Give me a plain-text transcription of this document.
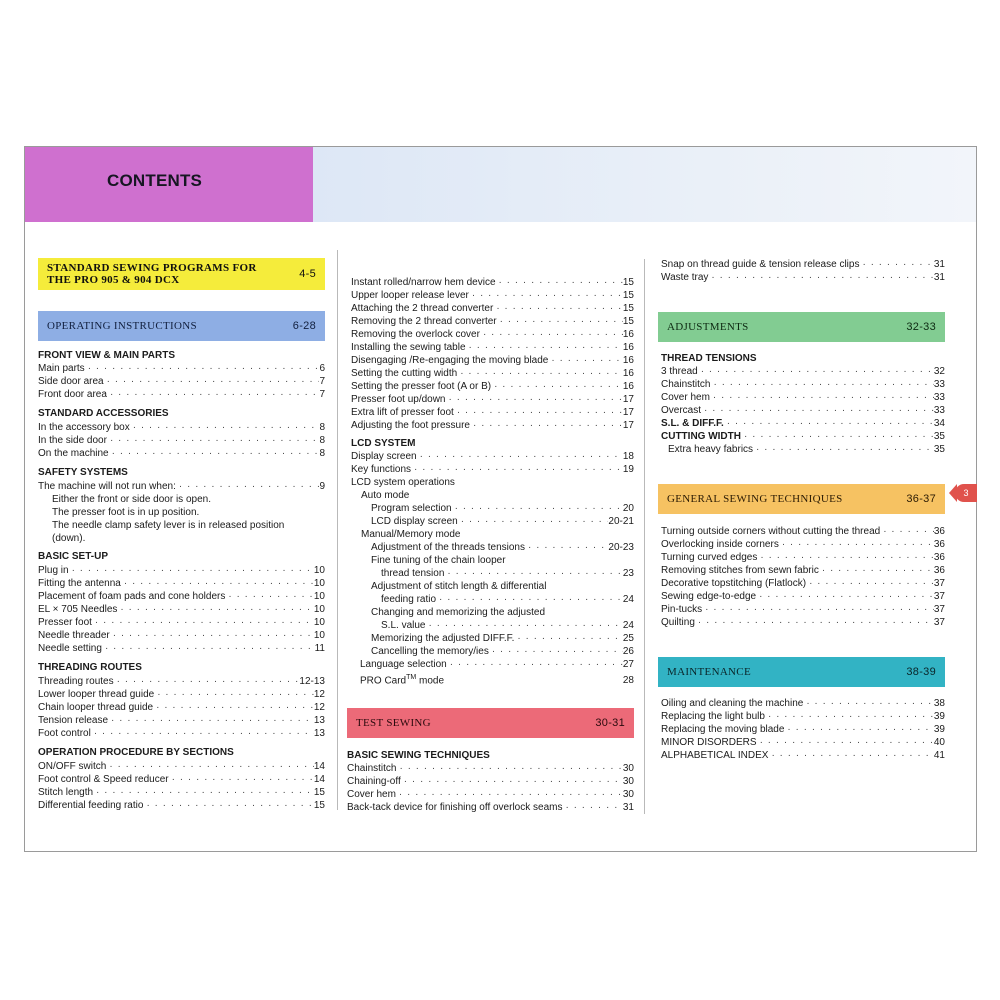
CONTENTS
STANDARD SEWING PROGRAMS FOR
THE PRO 905 & 904 DCX	4-5
OPERATING INSTRUCTIONS	6-28
FRONT VIEW & MAIN PARTS
Main parts · · ·	6
Side door area · · ·	7
Front door area · · ·	7
STANDARD ACCESSORIES
In the accessory box · · ·	8
In the side door · · ·	8
On the machine · · ·	8
SAFETY SYSTEMS
The machine will not run when: · · ·	9
Either the front or side door is open.
The presser foot is in up position.
The needle clamp safety lever is in released position
(down).
BASIC SET-UP
Plug in · · ·	10
Fitting the antenna · · ·	10
Placement of foam pads and cone holders · · ·	10
EL × 705 Needles · · ·	10
Presser foot · · ·	10
Needle threader · · ·	10
Needle setting · · ·	11
THREADING ROUTES
Threading routes · · ·	12-13
Lower looper thread guide · · ·	12
Chain looper thread guide · · ·	12
Tension release · · ·	13
Foot control · · ·	13
OPERATION PROCEDURE BY SECTIONS
ON/OFF switch · · ·	14
Foot control & Speed reducer · · ·	14
Stitch length · · ·	15
Differential feeding ratio · · ·	15
Instant rolled/narrow hem device · · ·	15
Upper looper release lever · · ·	15
Attaching the 2 thread converter · · ·	15
Removing the 2 thread converter · · ·	15
Removing the overlock cover · · ·	16
Installing the sewing table · · ·	16
Disengaging /Re-engaging the moving blade · · ·	16
Setting the cutting width · · ·	16
Setting the presser foot (A or B) · · ·	16
Presser foot up/down · · ·	17
Extra lift of presser foot · · ·	17
Adjusting the foot pressure · · ·	17
LCD SYSTEM
Display screen · · ·	18
Key functions · · ·	19
LCD system operations
Auto mode
Program selection · · ·	20
LCD display screen · · ·	20-21
Manual/Memory mode
Adjustment of the threads tensions · · ·	20-23
Fine tuning of the chain looper
thread tension · · ·	23
Adjustment of stitch length & differential
feeding ratio · · ·	24
Changing and memorizing the adjusted
S.L. value · · ·	24
Memorizing the adjusted DIFF.F. · · ·	25
Cancelling the memory/ies · · ·	26
Language selection · · ·	27
PRO Card™ mode	28
TEST SEWING	30-31
BASIC SEWING TECHNIQUES
Chainstitch · · ·	30
Chaining-off · · ·	30
Cover hem · · ·	30
Back-tack device for finishing off overlock seams · · ·	31
Snap on thread guide & tension release clips · · ·	31
Waste tray · · ·	31
ADJUSTMENTS	32-33
THREAD TENSIONS
3 thread · · ·	32
Chainstitch · · ·	33
Cover hem · · ·	33
Overcast · · ·	33
S.L. & DIFF.F. · · ·	34
CUTTING WIDTH · · ·	35
Extra heavy fabrics · · ·	35
GENERAL SEWING TECHNIQUES	36-37
Turning outside corners without cutting the thread · · ·	36
Overlocking inside corners · · ·	36
Turning curved edges · · ·	36
Removing stitches from sewn fabric · · ·	36
Decorative topstitching (Flatlock) · · ·	37
Sewing edge-to-edge · · ·	37
Pin-tucks · · ·	37
Quilting · · ·	37
MAINTENANCE	38-39
Oiling and cleaning the machine · · ·	38
Replacing the light bulb · · ·	39
Replacing the moving blade · · ·	39
MINOR DISORDERS · · ·	40
ALPHABETICAL INDEX · · ·	41
3
